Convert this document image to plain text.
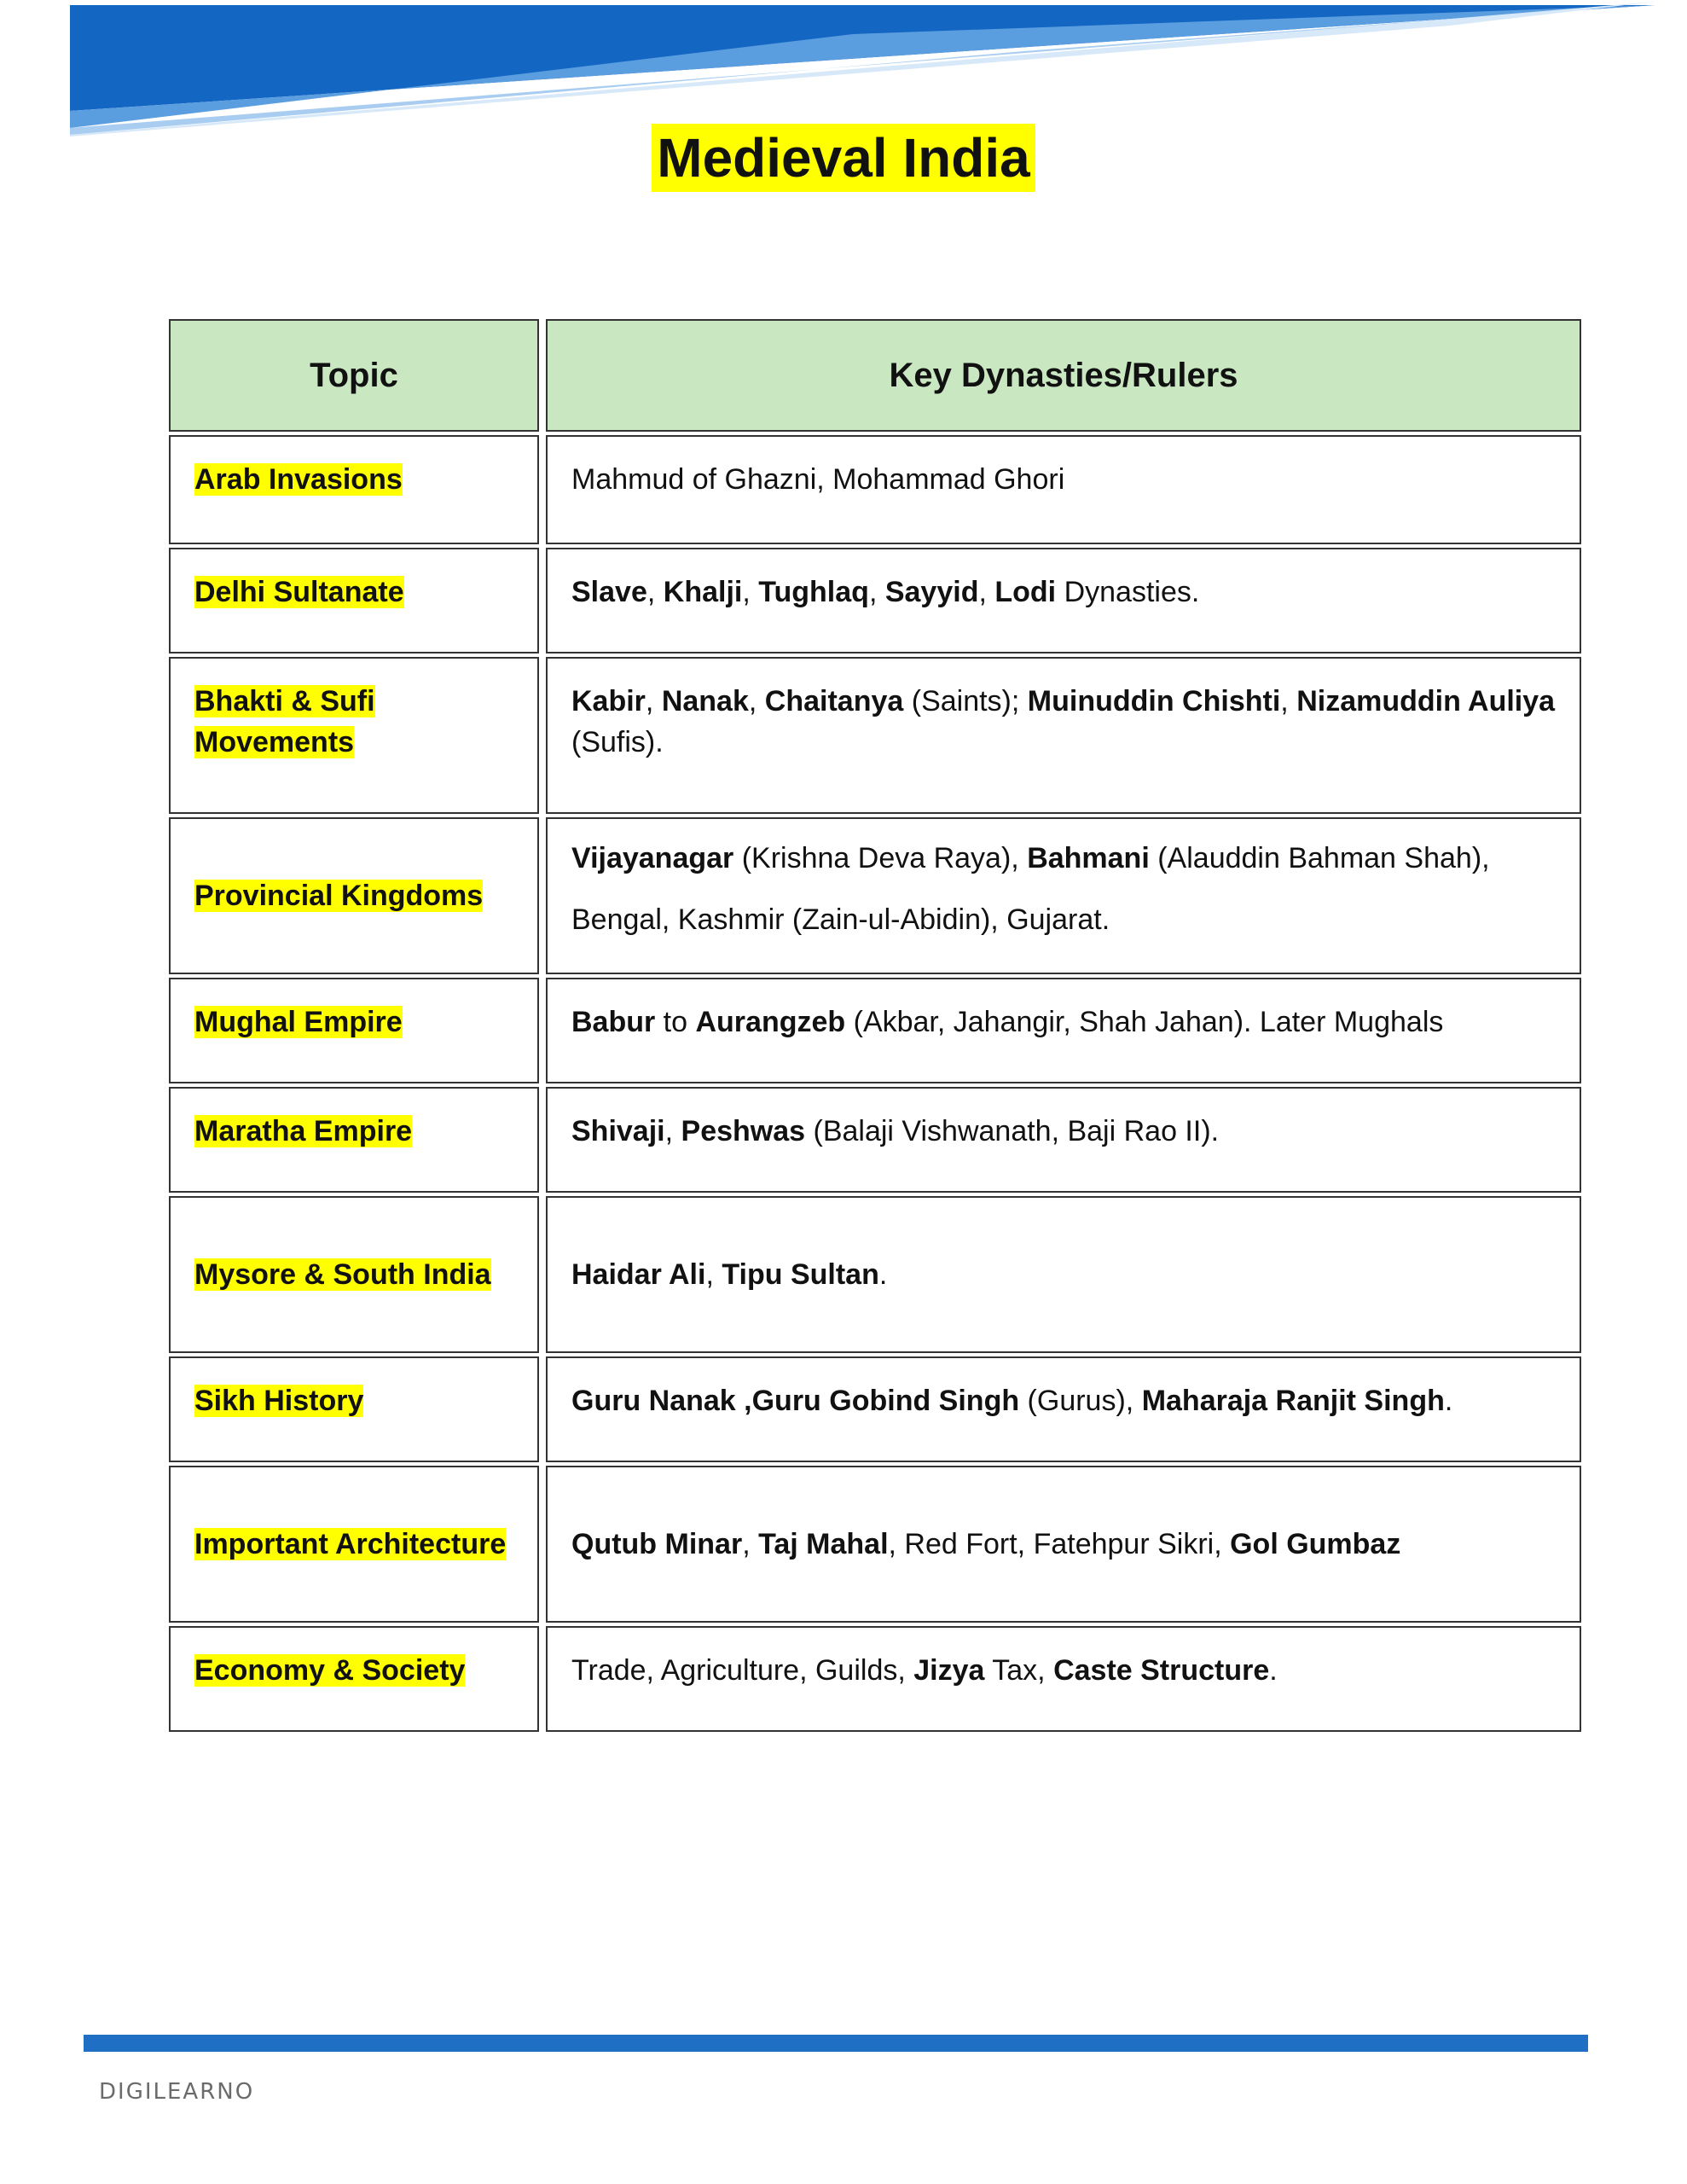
Medieval India
Topic		Key Dynasties/Rulers
Arab Invasions		Mahmud of Ghazni, Mohammad Ghori
Delhi Sultanate		Slave, Khalji, Tughlaq, Sayyid, Lodi Dynasties.
Bhakti & Sufi Movements		Kabir, Nanak, Chaitanya (Saints); Muinuddin Chishti, Nizamuddin Auliya (Sufis).
Provincial Kingdoms		Vijayanagar (Krishna Deva Raya), Bahmani (Alauddin Bahman Shah),
Bengal, Kashmir (Zain-ul-Abidin), Gujarat.

Mughal Empire		Babur to Aurangzeb (Akbar, Jahangir, Shah Jahan). Later Mughals
Maratha Empire		Shivaji, Peshwas (Balaji Vishwanath, Baji Rao II).
Mysore & South India		Haidar Ali, Tipu Sultan.
Sikh History		Guru Nanak ,Guru Gobind Singh (Gurus), Maharaja Ranjit Singh.
Important Architecture		Qutub Minar, Taj Mahal, Red Fort, Fatehpur Sikri, Gol Gumbaz
Economy & Society		Trade, Agriculture, Guilds, Jizya Tax, Caste Structure.
DIGILEARNO
